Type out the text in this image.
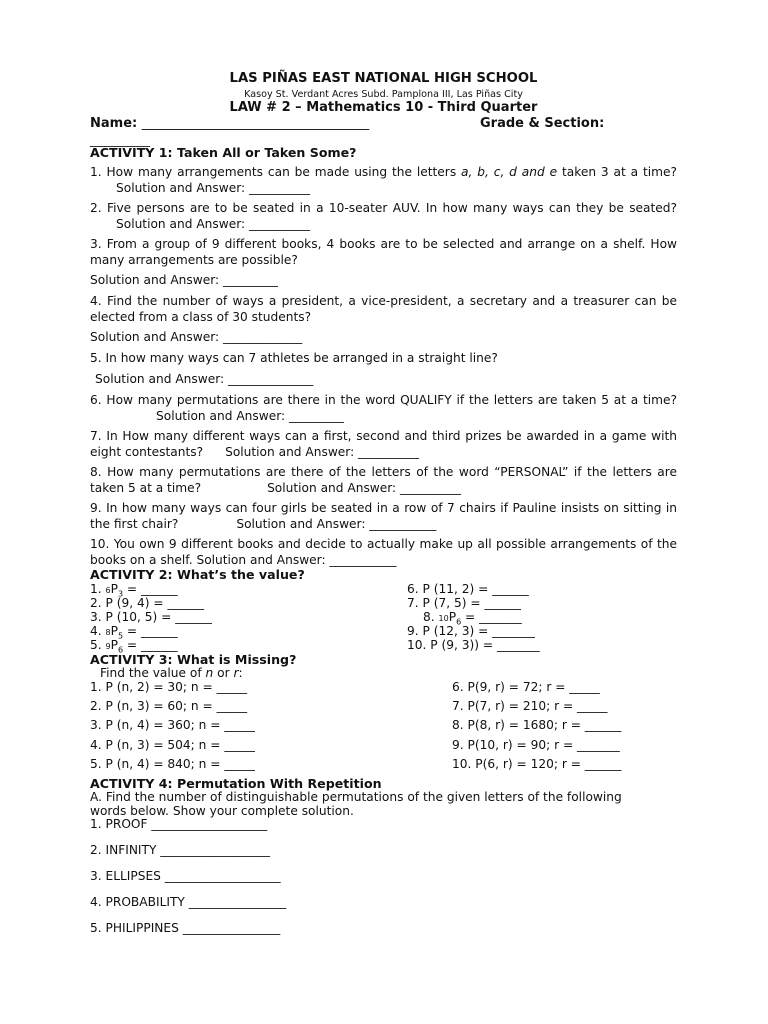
LAS PIÑAS EAST NATIONAL HIGH SCHOOL
Kasoy St. Verdant Acres Subd. Pamplona III, Las Piñas City
LAW # 2 – Mathematics 10 - Third Quarter
Name: ___________________________________	Grade & Section:
__________
ACTIVITY 1: Taken All or Taken Some?
1. How many arrangements can be made using the letters a, b, c, d and e taken 3 at a time?Solution and Answer: __________
2. Five persons are to be seated in a 10-seater AUV. In how many ways can they be seated?Solution and Answer: __________
3. From a group of 9 different books, 4 books are to be selected and arrange on a shelf. How many arrangements are possible?
Solution and Answer: _________
4. Find the number of ways a president, a vice-president, a secretary and a treasurer can be elected from a class of 30 students?
Solution and Answer: _____________
5. In how many ways can 7 athletes be arranged in a straight line?
Solution and Answer: ______________
6. How many permutations are there in the word QUALIFY if the letters are taken 5 at a time?Solution and Answer: _________
7. In How many different ways can a first, second and third prizes be awarded in a game with eight contestants? Solution and Answer: __________
8. How many permutations are there of the letters of the word “PERSONAL” if the letters are taken 5 at a time?	Solution and Answer: __________
9. In how many ways can four girls be seated in a row of 7 chairs if Pauline insists on sitting in the first chair?	Solution and Answer: ___________
10. You own 9 different books and decide to actually make up all possible arrangements of the books on a shelf. Solution and Answer: ___________
ACTIVITY 2: What’s the value?
1. $6P_3$ = ______
2. P (9, 4) = ______
3. P (10, 5) = ______
4. $8P_5$ = ______
5. $9P_6$ = ______
6. P (11, 2) = ______
7. P (7, 5) = ______
8. $10P_6$ = _______
9. P (12, 3) = _______
10. P (9, 3)) = _______
ACTIVITY 3: What is Missing?
Find the value of n or r:
1. P (n, 2) = 30; n = _____
2. P (n, 3) = 60; n = _____
3. P (n, 4) = 360; n = _____
4. P (n, 3) = 504; n = _____
5. P (n, 4) = 840; n = _____
6. P(9, r) = 72; r = _____
7. P(7, r) = 210; r = _____
8. P(8, r) = 1680; r = ______
9. P(10, r) = 90; r = _______
10. P(6, r) = 120; r = ______
ACTIVITY 4: Permutation With Repetition
A. Find the number of distinguishable permutations of the given letters of the following words below. Show your complete solution.
1. PROOF ___________________
2. INFINITY __________________
3. ELLIPSES ___________________
4. PROBABILITY ________________
5. PHILIPPINES ________________
